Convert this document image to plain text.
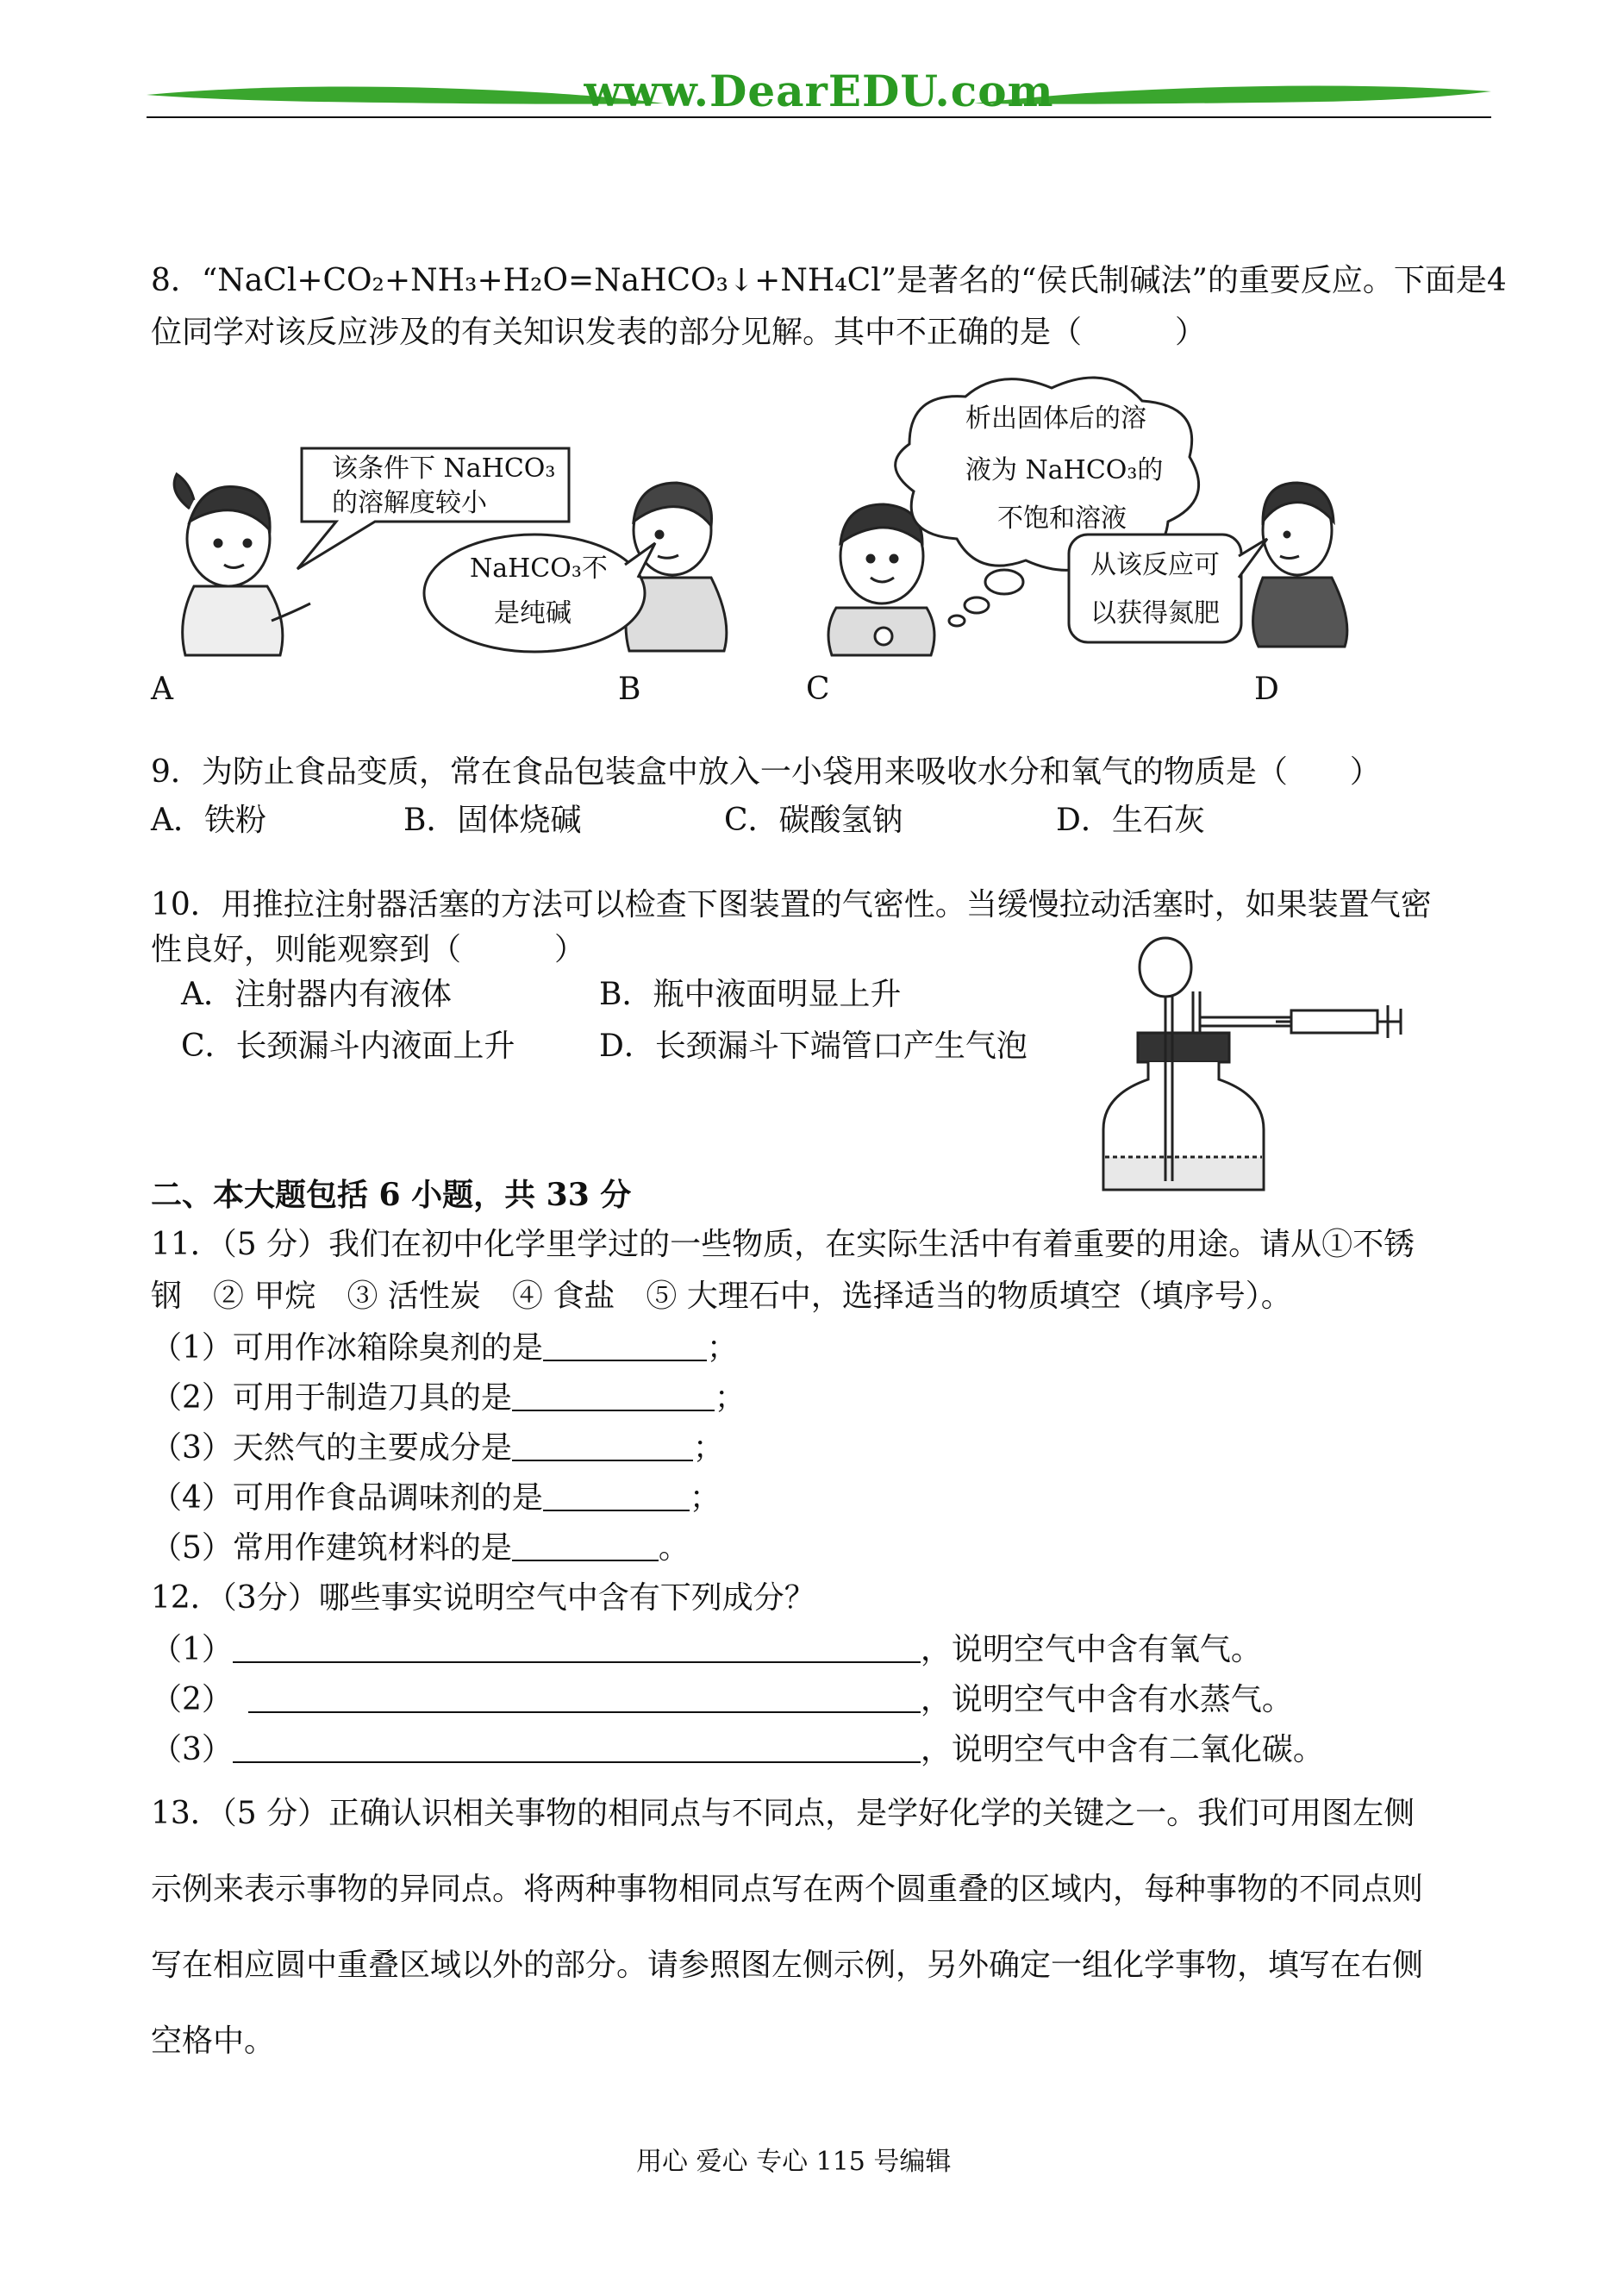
www.DearEDU.com
8．“NaCl+CO₂+NH₃+H₂O=NaHCO₃↓+NH₄Cl”是著名的“侯氏制碱法”的重要反应。下面是4
位同学对该反应涉及的有关知识发表的部分见解。其中不正确的是（　　　）
该条件下 NaHCO₃
的溶解度较小
NaHCO₃不
是纯碱
析出固体后的溶
液为 NaHCO₃的
不饱和溶液
从该反应可
以获得氮肥
A	B	C	D
9．为防止食品变质，常在食品包装盒中放入一小袋用来吸收水分和氧气的物质是（　　）
A．铁粉	B．固体烧碱	C．碳酸氢钠	D．生石灰
10．用推拉注射器活塞的方法可以检查下图装置的气密性。当缓慢拉动活塞时，如果装置气密
性良好，则能观察到（　　　）
A．注射器内有液体	B．瓶中液面明显上升
C．长颈漏斗内液面上升	D．长颈漏斗下端管口产生气泡
二、本大题包括 6 小题，共 33 分
11．（5 分）我们在初中化学里学过的一些物质，在实际生活中有着重要的用途。请从①不锈
钢　② 甲烷　③ 活性炭　④ 食盐　⑤ 大理石中，选择适当的物质填空（填序号）。
（1）可用作冰箱除臭剂的是	；
（2）可用于制造刀具的是	；
（3）天然气的主要成分是	；
（4）可用作食品调味剂的是	；
（5）常用作建筑材料的是	。
12．（3分）哪些事实说明空气中含有下列成分？
（1）	，说明空气中含有氧气。
（2）	，说明空气中含有水蒸气。
（3）	，说明空气中含有二氧化碳。
13．（5 分）正确认识相关事物的相同点与不同点，是学好化学的关键之一。我们可用图左侧
示例来表示事物的异同点。将两种事物相同点写在两个圆重叠的区域内，每种事物的不同点则
写在相应圆中重叠区域以外的部分。请参照图左侧示例，另外确定一组化学事物，填写在右侧
空格中。
用心 爱心 专心 115 号编辑
